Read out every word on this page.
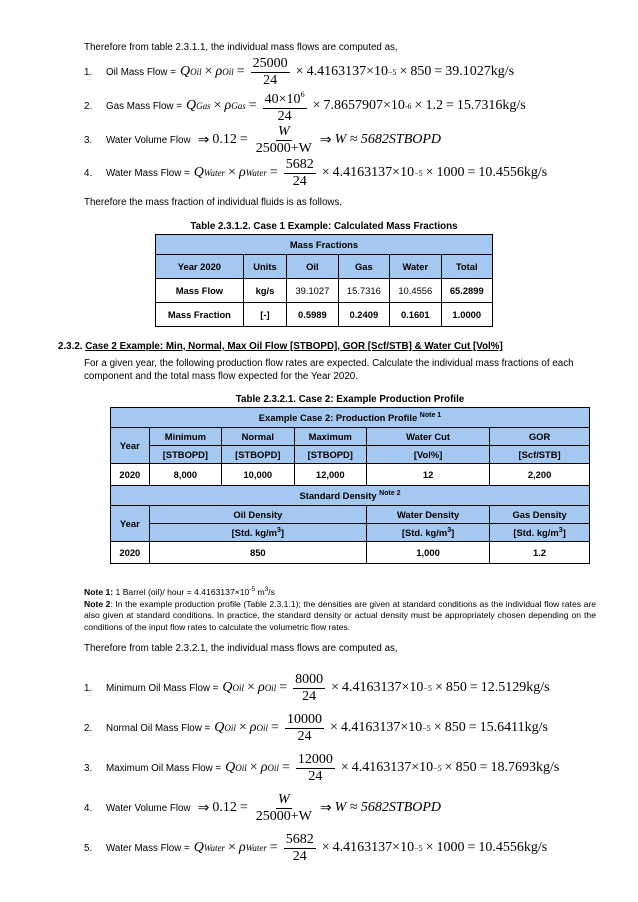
Therefore from table 2.3.1.1, the individual mass flows are computed as,
1.	Oil Mass Flow = Q Oil × ρ Oil = $\frac{25000}{24} \times 4.4163137 \times 10 -5 \times 850 = 39.1027$ kg/s
2.	Gas Mass Flow = Q Gas × ρ Gas = $\frac{40\times 10^6}{24} \times 7.8657907 \times 10$ -6 × 1.2 = 15.7316 kg/s
3.	Water Volume Flow ⇒ $0.12 = \frac{W}{25000+W}$ ⇒ W ≈ 5682 STBOPD
4.	Water Mass Flow = Q Water × ρ Water = $\frac{5682}{24} \times 4.4163137 \times 10 -5 \times 1000 = 10.4556$ kg/s
Therefore the mass fraction of individual fluids is as follows,
Table 2.3.1.2. Case 1 Example: Calculated Mass Fractions
Mass Fractions					
Year 2020	Units	Oil	Gas	Water	Total
Mass Flow	kg/s	39.1027	15.7316	10.4556	65.2899
Mass Fraction	[-]	0.5989	0.2409	0.1601	1.0000
2.3.2. Case 2 Example: Min, Normal, Max Oil Flow [STBOPD], GOR [Scf/STB] & Water Cut [Vol%]
For a given year, the following production flow rates are expected. Calculate the individual mass fractions of each component and the total mass flow expected for the Year 2020.
Table 2.3.2.1. Case 2: Example Production Profile
Example Case 2: Production Profile $^{Note 1}$
Year	Minimum	Normal	Maximum	Water Cut	GOR
	[STBOPD]	[STBOPD]	[STBOPD]	[Vol%]	[Scf/STB]
2020	8,000	10,000	12,000	12	2,200
Standard Density $^{Note 2}$
Year	Oil Density			Water Density	Gas Density
	[Std. $kg/m^3$]			[Std. $kg/m^3$]	[Std. $kg/m^3$]
2020	850			1,000	1.2
Note 1: 1 Barrel (oil)/ hour = $4.4163137\times 10^{-5}$ $m^3/s$
Note 2: In the example production profile (Table 2.3.1.1); the densities are given at standard conditions as the individual flow rates are also given at standard conditions. In practice, the standard density or actual density must be appropriately chosen depending on the conditions of the input flow rates to calculate the volumetric flow rates.
Therefore from table 2.3.2.1, the individual mass flows are computed as,
1.	Minimum Oil Mass Flow = Q Oil × ρ Oil = $\frac{8000}{24} \times 4.4163137 \times 10 -5 \times 850 = 12.5129$ kg/s
2.	Normal Oil Mass Flow = Q Oil × ρ Oil = $\frac{10000}{24} \times 4.4163137 \times 10 -5 \times 850 = 15.6411$ kg/s
3.	Maximum Oil Mass Flow = Q Oil × ρ Oil = $\frac{12000}{24} \times 4.4163137 \times 10 -5 \times 850 = 18.7693$ kg/s
4.	Water Volume Flow ⇒ $0.12 = \frac{W}{25000+W}$ ⇒ W ≈ 5682 STBOPD
5.	Water Mass Flow = Q Water × ρ Water = $\frac{5682}{24} \times 4.4163137 \times 10 -5 \times 1000 = 10.4556$ kg/s
